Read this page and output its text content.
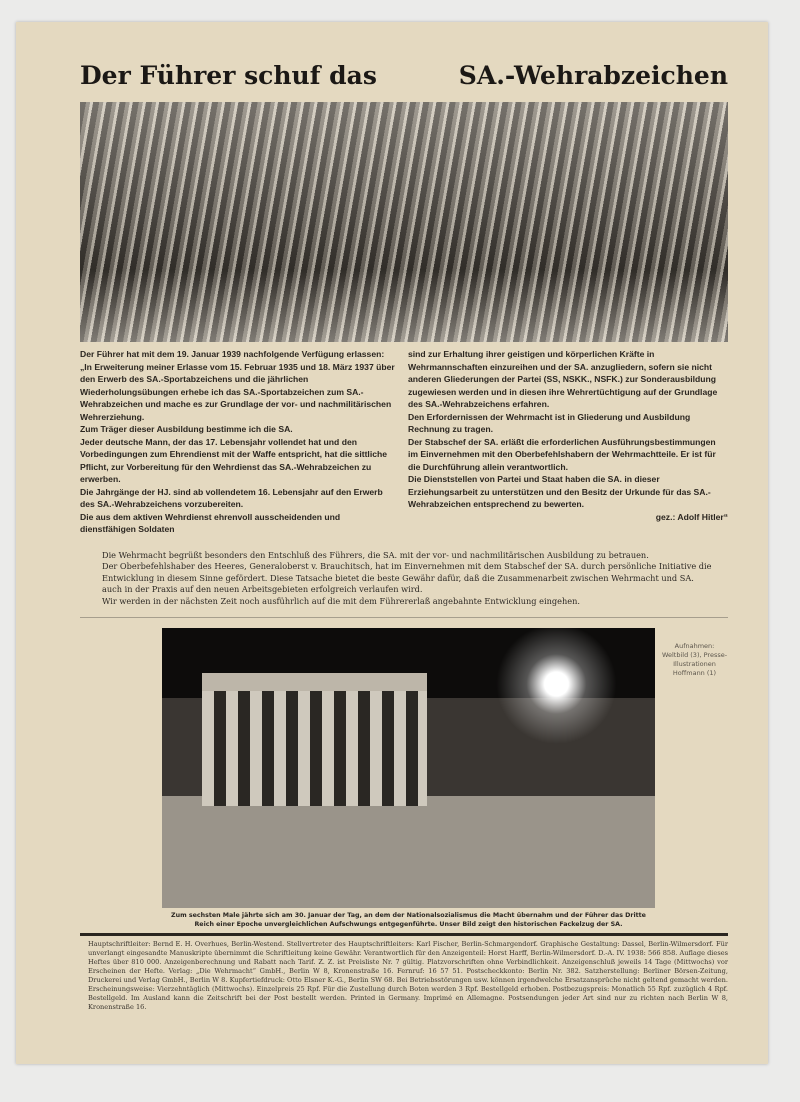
Der Führer schuf das	SA.-Wehrabzeichen

Der Führer hat mit dem 19. Januar 1939 nachfolgende Verfügung erlassen:

„In Erweiterung meiner Erlasse vom 15. Februar 1935 und 18. März 1937 über den Erwerb des SA.-Sportabzeichens und die jährlichen Wiederholungsübungen erhebe ich das SA.-Sportabzeichen zum SA.-Wehrabzeichen und mache es zur Grundlage der vor- und nachmilitärischen Wehrerziehung.

Zum Träger dieser Ausbildung bestimme ich die SA.

Jeder deutsche Mann, der das 17. Lebensjahr vollendet hat und den Vorbedingungen zum Ehrendienst mit der Waffe entspricht, hat die sittliche Pflicht, zur Vorbereitung für den Wehrdienst das SA.-Wehrabzeichen zu erwerben.

Die Jahrgänge der HJ. sind ab vollendetem 16. Lebensjahr auf den Erwerb des SA.-Wehrabzeichens vorzubereiten.

Die aus dem aktiven Wehrdienst ehrenvoll ausscheidenden und dienstfähigen Soldaten

sind zur Erhaltung ihrer geistigen und körperlichen Kräfte in Wehrmannschaften einzureihen und der SA. anzugliedern, sofern sie nicht anderen Gliederungen der Partei (SS, NSKK., NSFK.) zur Sonderausbildung zugewiesen werden und in diesen ihre Wehrertüchtigung auf der Grundlage des SA.-Wehrabzeichens erfahren.

Den Erfordernissen der Wehrmacht ist in Gliederung und Ausbildung Rechnung zu tragen.

Der Stabschef der SA. erläßt die erforderlichen Ausführungsbestimmungen im Einvernehmen mit den Oberbefehlshabern der Wehrmachtteile. Er ist für die Durchführung allein verantwortlich.

Die Dienststellen von Partei und Staat haben die SA. in dieser Erziehungsarbeit zu unterstützen und den Besitz der Urkunde für das SA.-Wehrabzeichen entsprechend zu bewerten.

gez.: Adolf Hitler“

Die Wehrmacht begrüßt besonders den Entschluß des Führers, die SA. mit der vor- und nachmilitärischen Ausbildung zu betrauen.

Der Oberbefehlshaber des Heeres, Generaloberst v. Brauchitsch, hat im Einvernehmen mit dem Stabschef der SA. durch persönliche Initiative die Entwicklung in diesem Sinne gefördert. Diese Tatsache bietet die beste Gewähr dafür, daß die Zusammenarbeit zwischen Wehrmacht und SA. auch in der Praxis auf den neuen Arbeitsgebieten erfolgreich verlaufen wird.

Wir werden in der nächsten Zeit noch ausführlich auf die mit dem Führererlaß angebahnte Entwicklung eingehen.

Aufnahmen: Weltbild (3), Presse-Illustrationen Hoffmann (1)
Zum sechsten Male jährte sich am 30. Januar der Tag, an dem der Nationalsozialismus die Macht übernahm und der Führer das Dritte Reich einer Epoche unvergleichlichen Aufschwungs entgegenführte. Unser Bild zeigt den historischen Fackelzug der SA.
Hauptschriftleiter: Bernd E. H. Overhues, Berlin-Westend. Stellvertreter des Hauptschriftleiters: Karl Fischer, Berlin-Schmargendorf. Graphische Gestaltung: Dassel, Berlin-Wilmersdorf. Für unverlangt eingesandte Manuskripte übernimmt die Schriftleitung keine Gewähr. Verantwortlich für den Anzeigenteil: Horst Harff, Berlin-Wilmersdorf. D.-A. IV. 1938: 566 858. Auflage dieses Heftes über 810 000. Anzeigenberechnung und Rabatt nach Tarif. Z. Z. ist Preisliste Nr. 7 gültig. Platzvorschriften ohne Verbindlichkeit. Anzeigenschluß jeweils 14 Tage (Mittwochs) vor Erscheinen der Hefte. Verlag: „Die Wehrmacht“ GmbH., Berlin W 8, Kronenstraße 16. Fernruf: 16 57 51. Postscheckkonto: Berlin Nr. 382. Satzherstellung: Berliner Börsen-Zeitung, Druckerei und Verlag GmbH., Berlin W 8. Kupfertiefdruck: Otto Elsner K.-G., Berlin SW 68. Bei Betriebsstörungen usw. können irgendwelche Ersatzansprüche nicht geltend gemacht werden. Erscheinungsweise: Vierzehntäglich (Mittwochs). Einzelpreis 25 Rpf. Für die Zustellung durch Boten werden 3 Rpf. Bestellgeld erhoben. Postbezugspreis: Monatlich 55 Rpf. zuzüglich 4 Rpf. Bestellgeld. Im Ausland kann die Zeitschrift bei der Post bestellt werden. Printed in Germany. Imprimé en Allemagne. Postsendungen jeder Art sind nur zu richten nach Berlin W 8, Kronenstraße 16.
